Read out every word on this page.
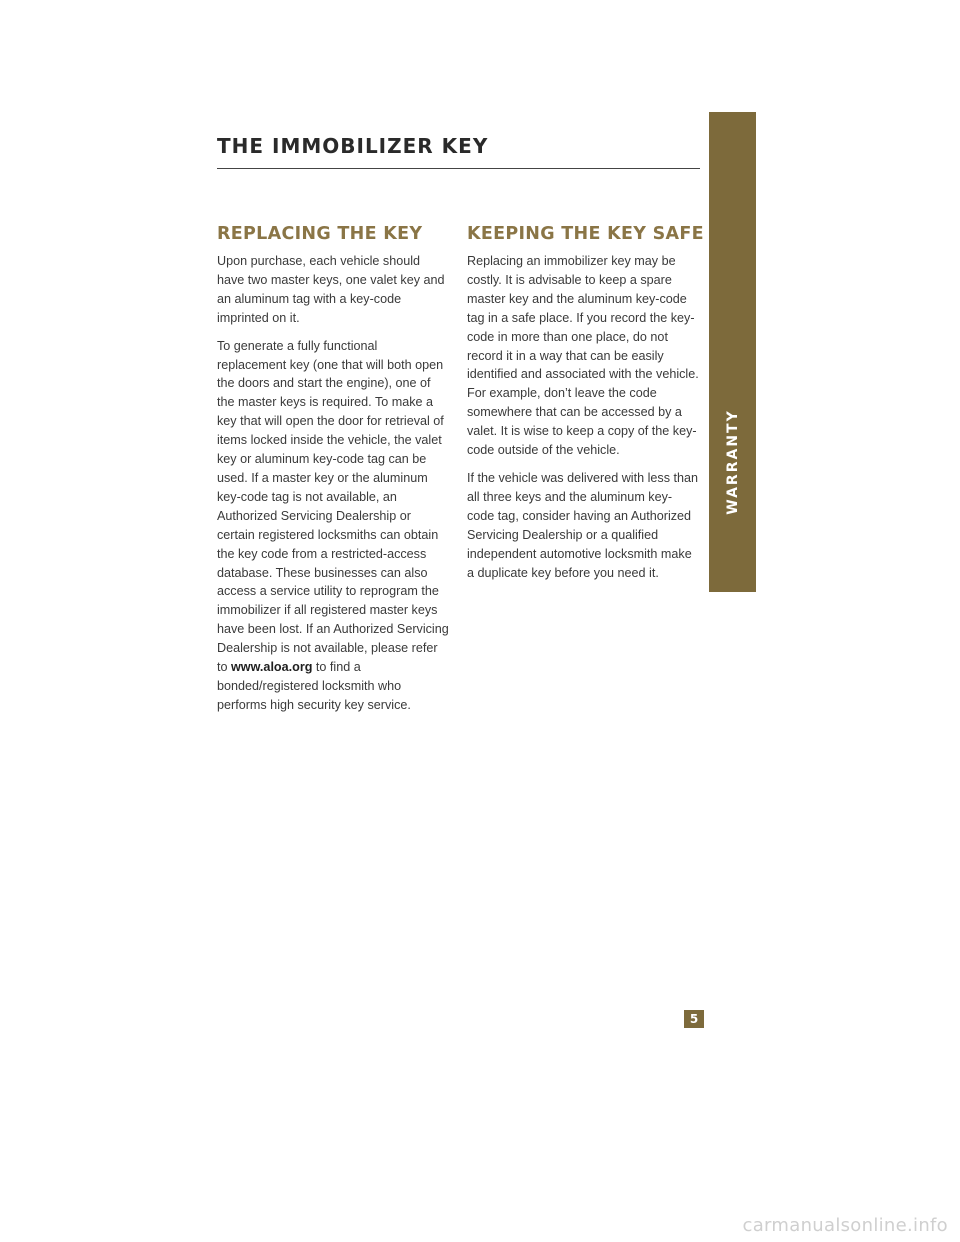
THE IMMOBILIZER KEY
WARRANTY
REPLACING THE KEY

Upon purchase, each vehicle should have two master keys, one valet key and an aluminum tag with a key-code imprinted on it.

To generate a fully functional replacement key (one that will both open the doors and start the engine), one of the master keys is required. To make a key that will open the door for retrieval of items locked inside the vehicle, the valet key or aluminum key-code tag can be used. If a master key or the aluminum key-code tag is not available, an Authorized Servicing Dealership or certain registered locksmiths can obtain the key code from a restricted-access database. These businesses can also access a service utility to reprogram the immobilizer if all registered master keys have been lost. If an Authorized Servicing Dealership is not available, please refer to www.aloa.org to find a bonded/registered locksmith who performs high security key service.

KEEPING THE KEY SAFE

Replacing an immobilizer key may be costly. It is advisable to keep a spare master key and the aluminum key-code tag in a safe place. If you record the key-code in more than one place, do not record it in a way that can be easily identified and associated with the vehicle. For example, don’t leave the code somewhere that can be accessed by a valet. It is wise to keep a copy of the key-code outside of the vehicle.

If the vehicle was delivered with less than all three keys and the aluminum key-code tag, consider having an Authorized Servicing Dealership or a qualified independent automotive locksmith make a duplicate key before you need it.

5
carmanualsonline.info
